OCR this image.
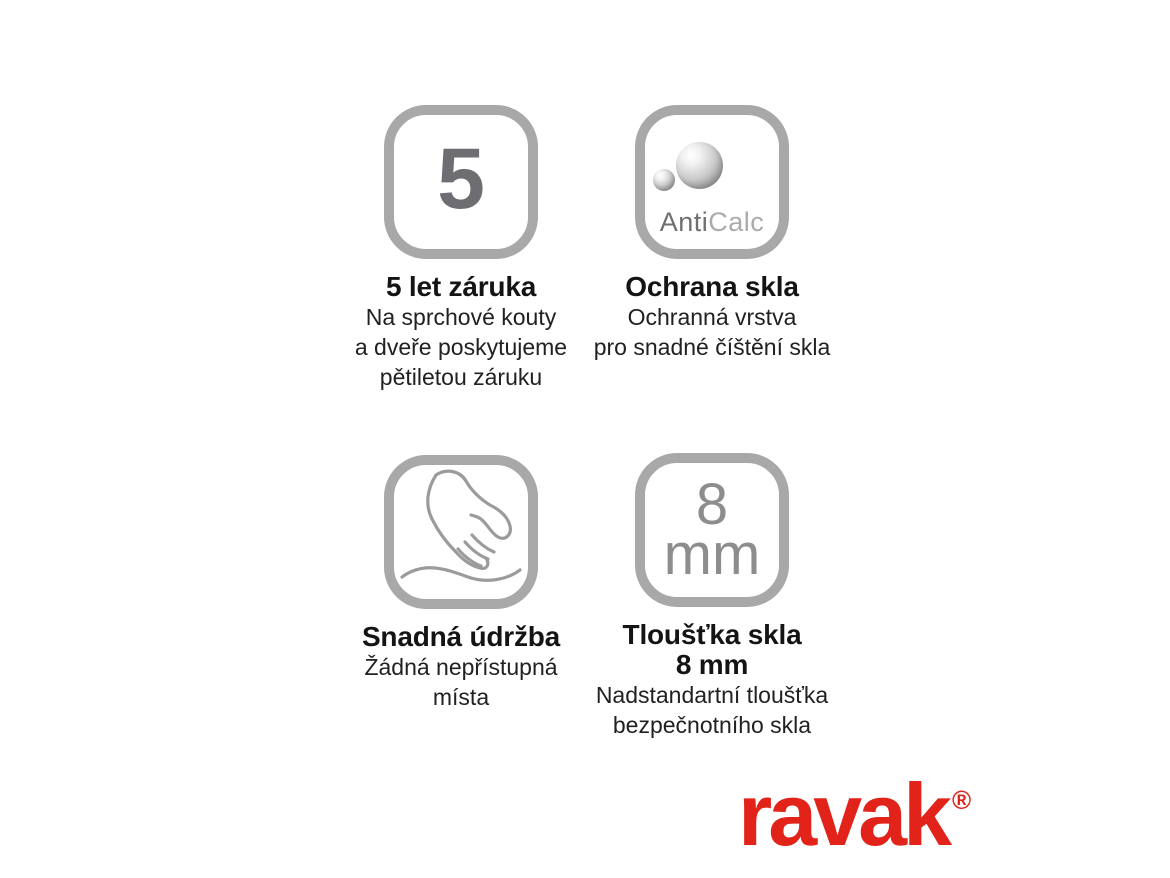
5
5 let záruka
Na sprchové kouty
a dveře poskytujeme
pětiletou záruku
AntiCalc
Ochrana skla
Ochranná vrstva
pro snadné číštění skla
Snadná údržba
Žádná nepřístupná
místa
8
mm
Tloušťka skla
8 mm
Nadstandartní tloušťka
bezpečnotního skla
ravak ®
